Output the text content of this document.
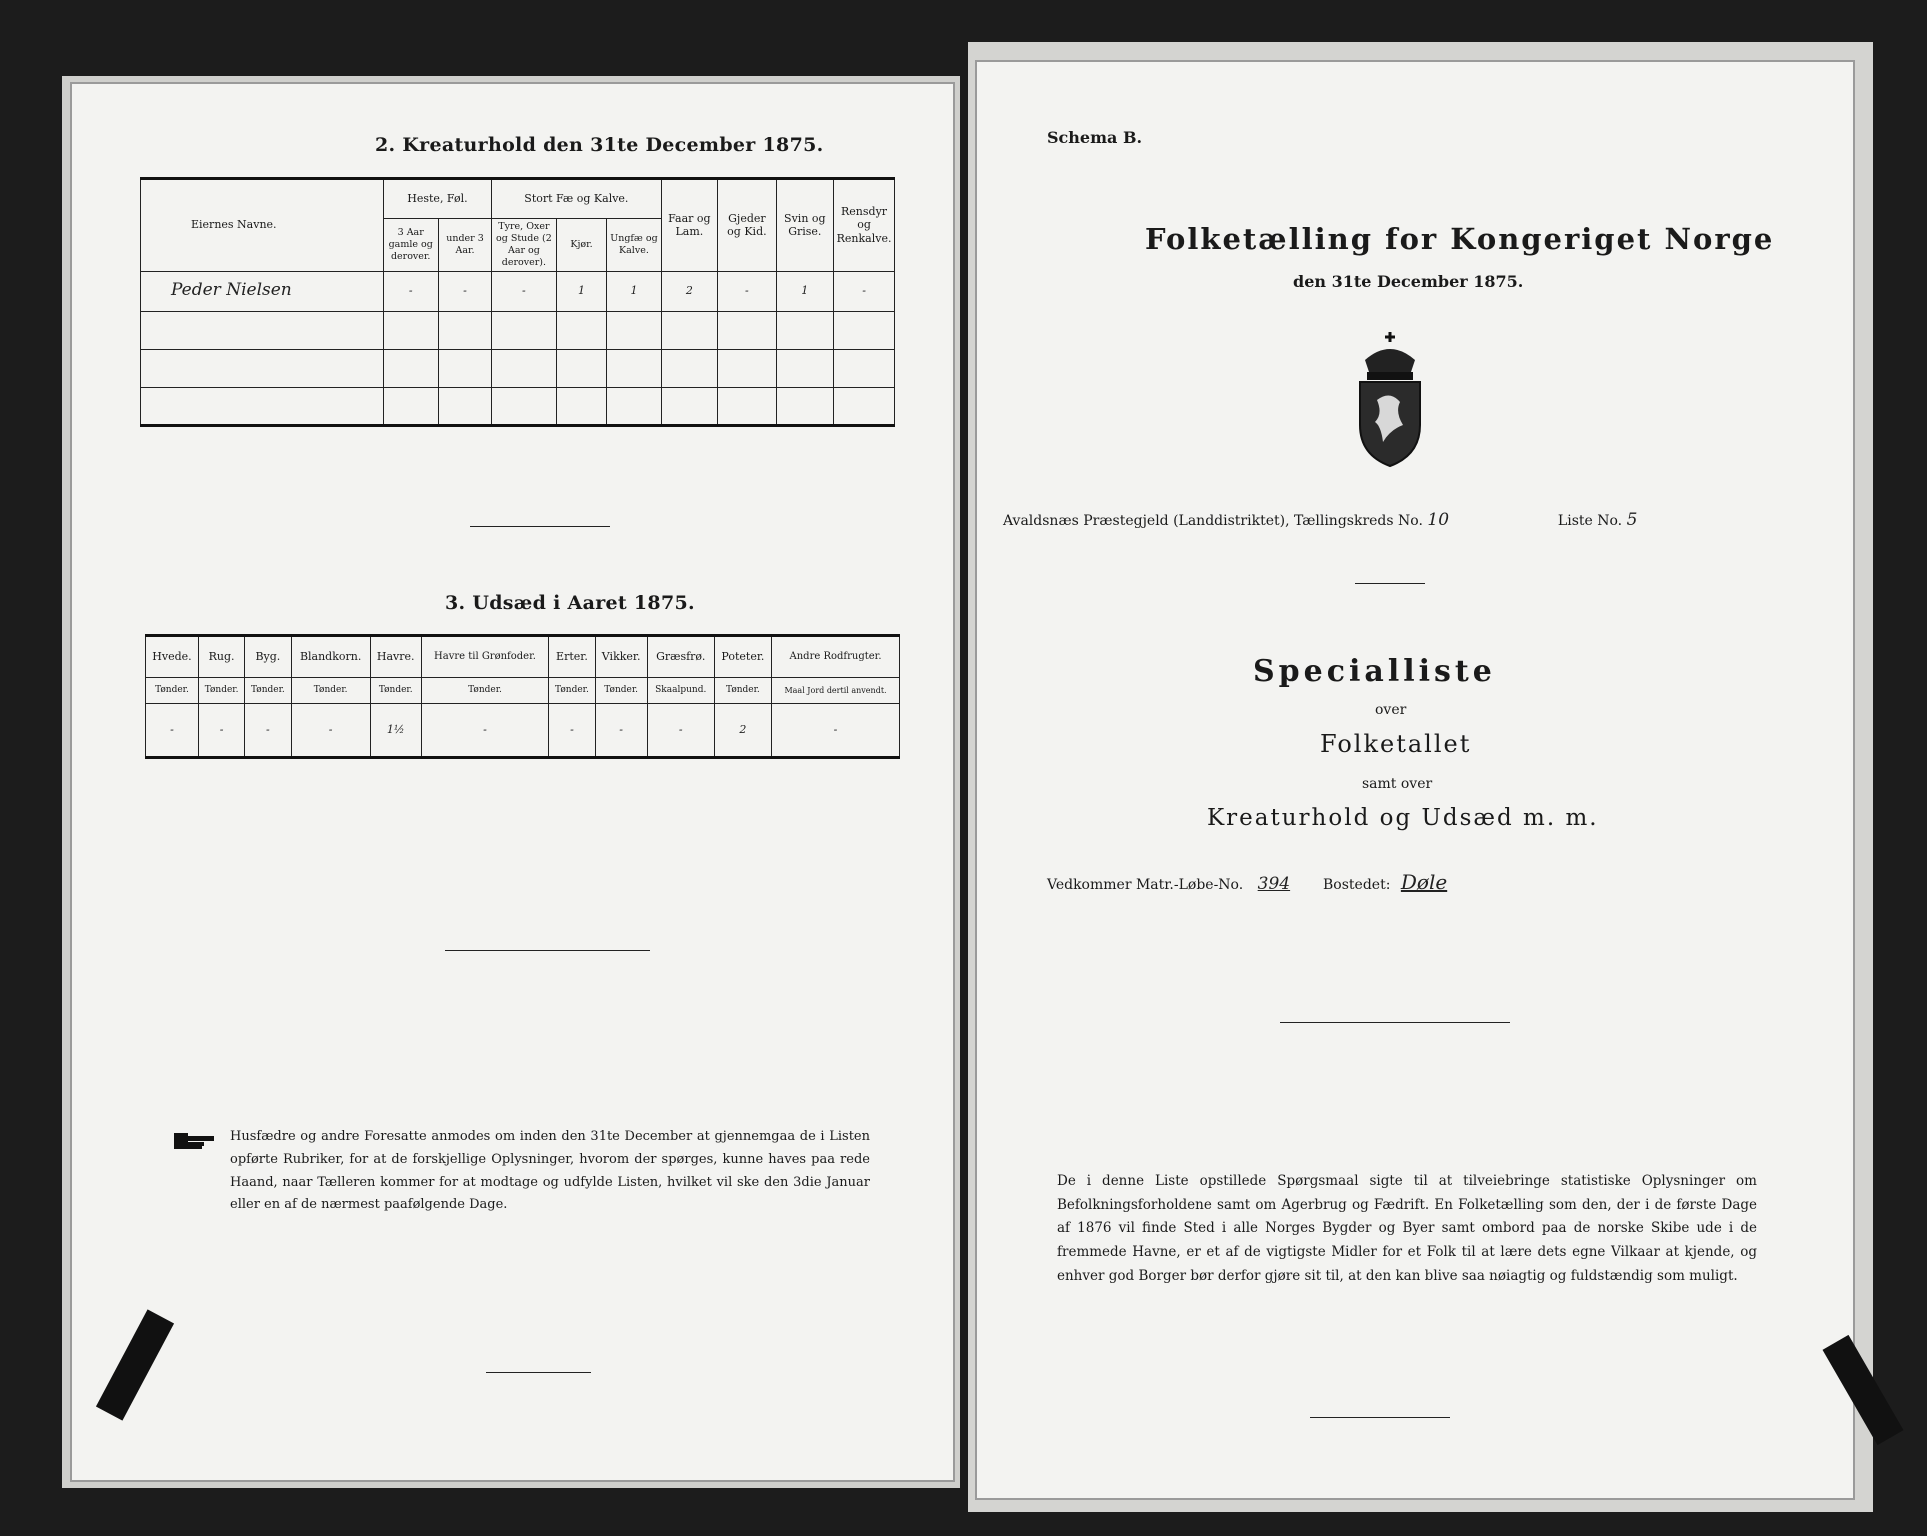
2. Kreaturhold den 31te December 1875.
Eiernes Navne.	Heste, Føl.		Stort Fæ og Kalve.			Faar og Lam.	Gjeder og Kid.	Svin og Grise.	Rensdyr og Renkalve.
	3 Aar gamle og derover.	under 3 Aar.	Tyre, Oxer og Stude (2 Aar og derover).	Kjør.	Ungfæ og Kalve.				
Peder Nielsen	-	-	-	1	1	2	-	1	-

3. Udsæd i Aaret 1875.
Hvede.	Rug.	Byg.	Blandkorn.	Havre.	Havre til Grønfoder.	Erter.	Vikker.	Græsfrø.	Poteter.	Andre Rodfrugter.
Tønder.	Tønder.	Tønder.	Tønder.	Tønder.	Tønder.	Tønder.	Tønder.	Skaalpund.	Tønder.	Maal Jord dertil anvendt.
-	-	-	-	1½	-	-	-	-	2	-
Husfædre og andre Foresatte anmodes om inden den 31te December at gjennemgaa de i Listen opførte Rubriker, for at de forskjellige Oplysninger, hvorom der spørges, kunne haves paa rede Haand, naar Tælleren kommer for at modtage og udfylde Listen, hvilket vil ske den 3die Januar eller en af de nærmest paafølgende Dage.
Schema B.
Folketælling for Kongeriget Norge
den 31te December 1875.
Avaldsnæs Præstegjeld (Landdistriktet), Tællingskreds No. 10	Liste No. 5
Specialliste
over
Folketallet
samt over
Kreaturhold og Udsæd m. m.
Vedkommer Matr.-Løbe-No. 394 Bostedet: Døle
De i denne Liste opstillede Spørgsmaal sigte til at tilveiebringe statistiske Oplysninger om Befolkningsforholdene samt om Agerbrug og Fædrift. En Folketælling som den, der i de første Dage af 1876 vil finde Sted i alle Norges Bygder og Byer samt ombord paa de norske Skibe ude i de fremmede Havne, er et af de vigtigste Midler for et Folk til at lære dets egne Vilkaar at kjende, og enhver god Borger bør derfor gjøre sit til, at den kan blive saa nøiagtig og fuldstændig som muligt.
